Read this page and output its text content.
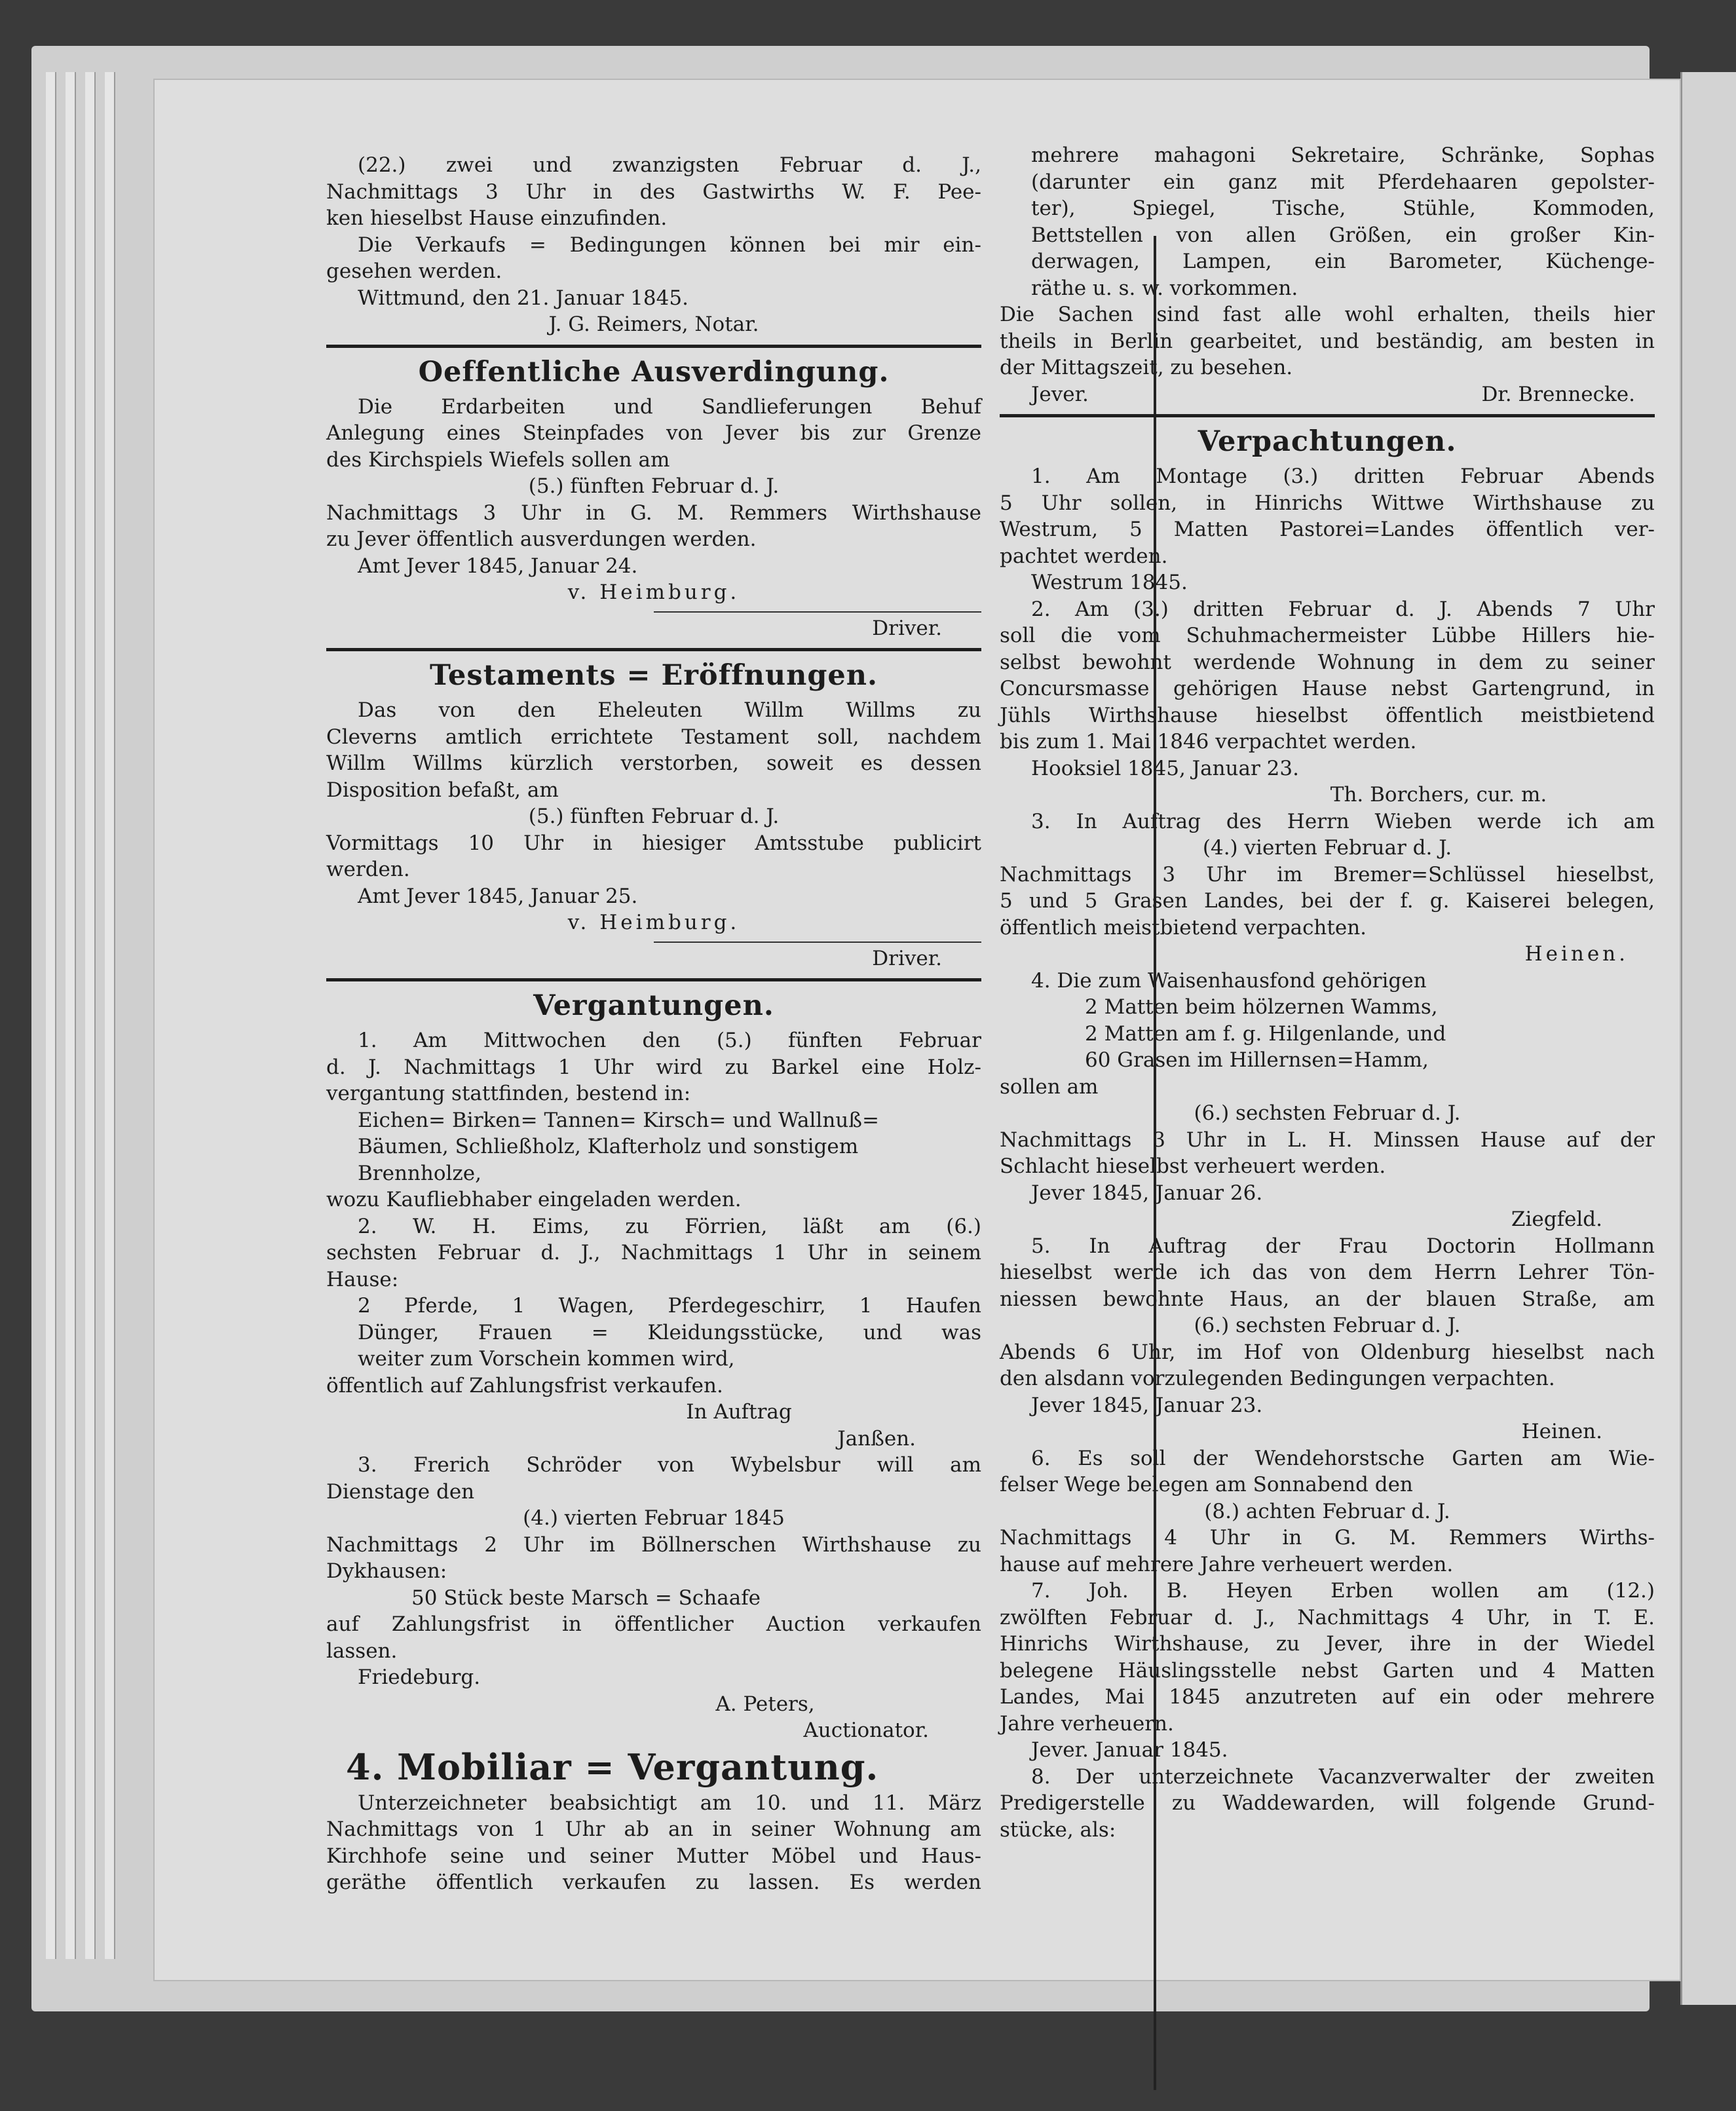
(22.) zwei und zwanzigsten Februar d. J.,

Nachmittags 3 Uhr in des Gastwirths W. F. Pee-

ken hieselbst Hause einzufinden.

Die Verkaufs = Bedingungen können bei mir ein-

gesehen werden.

Wittmund, den 21. Januar 1845.

J. G. Reimers, Notar.

Oeffentliche Ausverdingung.

Die Erdarbeiten und Sandlieferungen Behuf

Anlegung eines Steinpfades von Jever bis zur Grenze

des Kirchspiels Wiefels sollen am

(5.) fünften Februar d. J.

Nachmittags 3 Uhr in G. M. Remmers Wirthshause

zu Jever öffentlich ausverdungen werden.

Amt Jever 1845, Januar 24.

v. Heimburg.

Driver.

Testaments = Eröffnungen.

Das von den Eheleuten Willm Willms zu

Cleverns amtlich errichtete Testament soll, nachdem

Willm Willms kürzlich verstorben, soweit es dessen

Disposition befaßt, am

(5.) fünften Februar d. J.

Vormittags 10 Uhr in hiesiger Amtsstube publicirt

werden.

Amt Jever 1845, Januar 25.

v. Heimburg.

Driver.

Vergantungen.

1. Am Mittwochen den (5.) fünften Februar

d. J. Nachmittags 1 Uhr wird zu Barkel eine Holz-

vergantung stattfinden, bestend in:

Eichen= Birken= Tannen= Kirsch= und Wallnuß=

Bäumen, Schließholz, Klafterholz und sonstigem

Brennholze,

wozu Kaufliebhaber eingeladen werden.

2. W. H. Eims, zu Förrien, läßt am (6.)

sechsten Februar d. J., Nachmittags 1 Uhr in seinem

Hause:

2 Pferde, 1 Wagen, Pferdegeschirr, 1 Haufen

Dünger, Frauen = Kleidungsstücke, und was

weiter zum Vorschein kommen wird,

öffentlich auf Zahlungsfrist verkaufen.

In Auftrag

Janßen.

3. Frerich Schröder von Wybelsbur will am

Dienstage den

(4.) vierten Februar 1845

Nachmittags 2 Uhr im Böllnerschen Wirthshause zu

Dykhausen:

50 Stück beste Marsch = Schaafe

auf Zahlungsfrist in öffentlicher Auction verkaufen

lassen.

Friedeburg.

A. Peters,

Auctionator.

4. Mobiliar = Vergantung.

Unterzeichneter beabsichtigt am 10. und 11. März

Nachmittags von 1 Uhr ab an in seiner Wohnung am

Kirchhofe seine und seiner Mutter Möbel und Haus-

geräthe öffentlich verkaufen zu lassen. Es werden

mehrere mahagoni Sekretaire, Schränke, Sophas

(darunter ein ganz mit Pferdehaaren gepolster-

ter), Spiegel, Tische, Stühle, Kommoden,

Bettstellen von allen Größen, ein großer Kin-

derwagen, Lampen, ein Barometer, Küchenge-

räthe u. s. w. vorkommen.

Die Sachen sind fast alle wohl erhalten, theils hier

theils in Berlin gearbeitet, und beständig, am besten in

der Mittagszeit, zu besehen.

Jever.	Dr. Brennecke.

Verpachtungen.

1. Am Montage (3.) dritten Februar Abends

5 Uhr sollen, in Hinrichs Wittwe Wirthshause zu

Westrum, 5 Matten Pastorei=Landes öffentlich ver-

pachtet werden.

Westrum 1845.

2. Am (3.) dritten Februar d. J. Abends 7 Uhr

soll die vom Schuhmachermeister Lübbe Hillers hie-

selbst bewohnt werdende Wohnung in dem zu seiner

Concursmasse gehörigen Hause nebst Gartengrund, in

Jühls Wirthshause hieselbst öffentlich meistbietend

bis zum 1. Mai 1846 verpachtet werden.

Hooksiel 1845, Januar 23.

Th. Borchers, cur. m.

3. In Auftrag des Herrn Wieben werde ich am

(4.) vierten Februar d. J.

Nachmittags 3 Uhr im Bremer=Schlüssel hieselbst,

5 und 5 Grasen Landes, bei der f. g. Kaiserei belegen,

öffentlich meistbietend verpachten.

Heinen.

4. Die zum Waisenhausfond gehörigen

2 Matten beim hölzernen Wamms,

2 Matten am f. g. Hilgenlande, und

60 Grasen im Hillernsen=Hamm,

sollen am

(6.) sechsten Februar d. J.

Nachmittags 3 Uhr in L. H. Minssen Hause auf der

Schlacht hieselbst verheuert werden.

Jever 1845, Januar 26.

Ziegfeld.

5. In Auftrag der Frau Doctorin Hollmann

hieselbst werde ich das von dem Herrn Lehrer Tön-

niessen bewohnte Haus, an der blauen Straße, am

(6.) sechsten Februar d. J.

Abends 6 Uhr, im Hof von Oldenburg hieselbst nach

den alsdann vorzulegenden Bedingungen verpachten.

Jever 1845, Januar 23.

Heinen.

6. Es soll der Wendehorstsche Garten am Wie-

felser Wege belegen am Sonnabend den

(8.) achten Februar d. J.

Nachmittags 4 Uhr in G. M. Remmers Wirths-

hause auf mehrere Jahre verheuert werden.

7. Joh. B. Heyen Erben wollen am (12.)

zwölften Februar d. J., Nachmittags 4 Uhr, in T. E.

Hinrichs Wirthshause, zu Jever, ihre in der Wiedel

belegene Häuslingsstelle nebst Garten und 4 Matten

Landes, Mai 1845 anzutreten auf ein oder mehrere

Jahre verheuern.

Jever. Januar 1845.

8. Der unterzeichnete Vacanzverwalter der zweiten

Predigerstelle zu Waddewarden, will folgende Grund-

stücke, als:
